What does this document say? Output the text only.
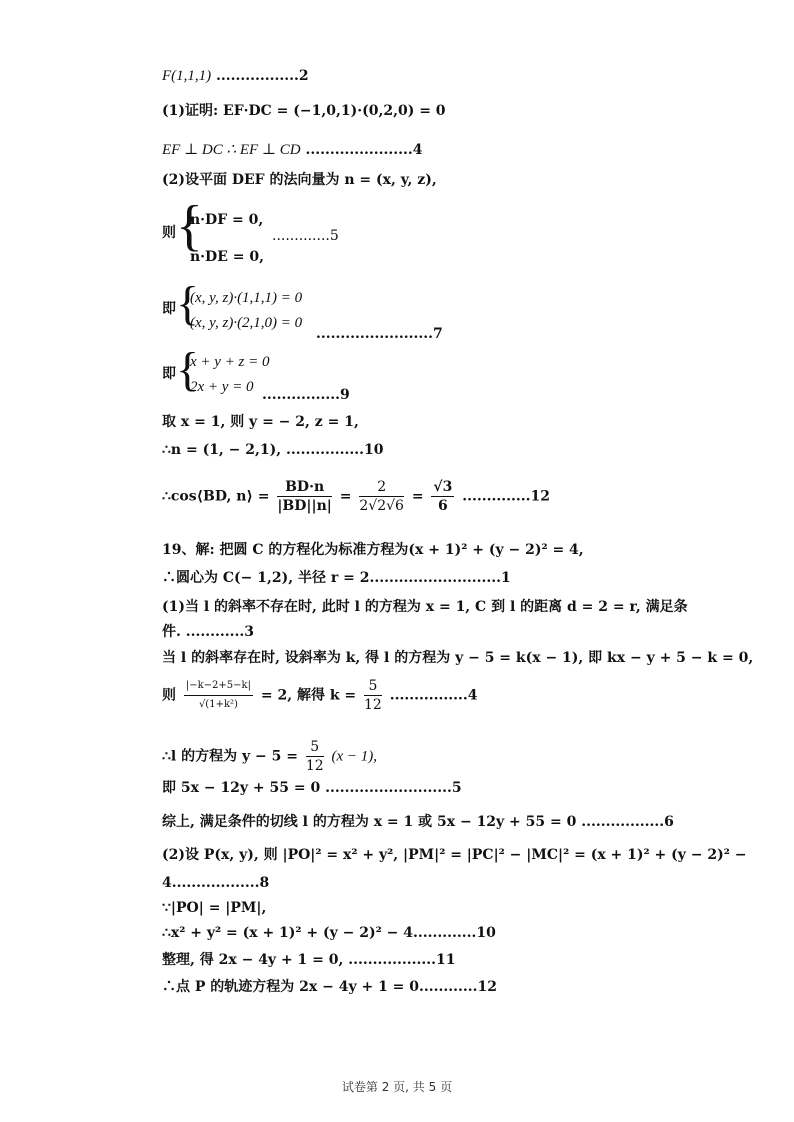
F(1,1,1) .................2
(1)证明: EF·DC = (−1,0,1)·(0,2,0) = 0
EF ⊥ DC ∴ EF ⊥ CD ......................4
(2)设平面 DEF 的法向量为 n = (x, y, z),
则 {
n·DF = 0,
n·DE = 0,
.............5
即 {
(x, y, z)·(1,1,1) = 0
(x, y, z)·(2,1,0) = 0
........................7
即 {
x + y + z = 0
2x + y = 0 ................9
取 x = 1, 则 y = − 2, z = 1,
∴n = (1, − 2,1), ................10
∴cos⟨BD, n⟩ = $\frac{BD\cdot n}{|BD||n|} = \frac{2}{2√2√6} = \frac{√3}{6} ..............12$
19、解: 把圆 C 的方程化为标准方程为(x + 1)² + (y − 2)² = 4,
∴圆心为 C(− 1,2), 半径 r = 2...........................1
(1)当 l 的斜率不存在时, 此时 l 的方程为 x = 1, C 到 l 的距离 d = 2 = r, 满足条
件. ............3
当 l 的斜率存在时, 设斜率为 k, 得 l 的方程为 y − 5 = k(x − 1), 即 kx − y + 5 − k = 0,
则 $\frac{|-k-2+5-k|}{\text{√(1+k²)}} = 2$, 解得 $k = \frac{5}{12} ................4$
∴l 的方程为 $y - 5 = \frac{5}{12} (x - 1)$,
即 5x − 12y + 55 = 0 ..........................5
综上, 满足条件的切线 l 的方程为 x = 1 或 5x − 12y + 55 = 0 .................6
(2)设 P(x, y), 则 |PO|² = x² + y², |PM|² = |PC|² − |MC|² = (x + 1)² + (y − 2)² −
4..................8
∵|PO| = |PM|,
∴x² + y² = (x + 1)² + (y − 2)² − 4.............10
整理, 得 2x − 4y + 1 = 0, ..................11
∴点 P 的轨迹方程为 2x − 4y + 1 = 0............12
试卷第 2 页, 共 5 页
